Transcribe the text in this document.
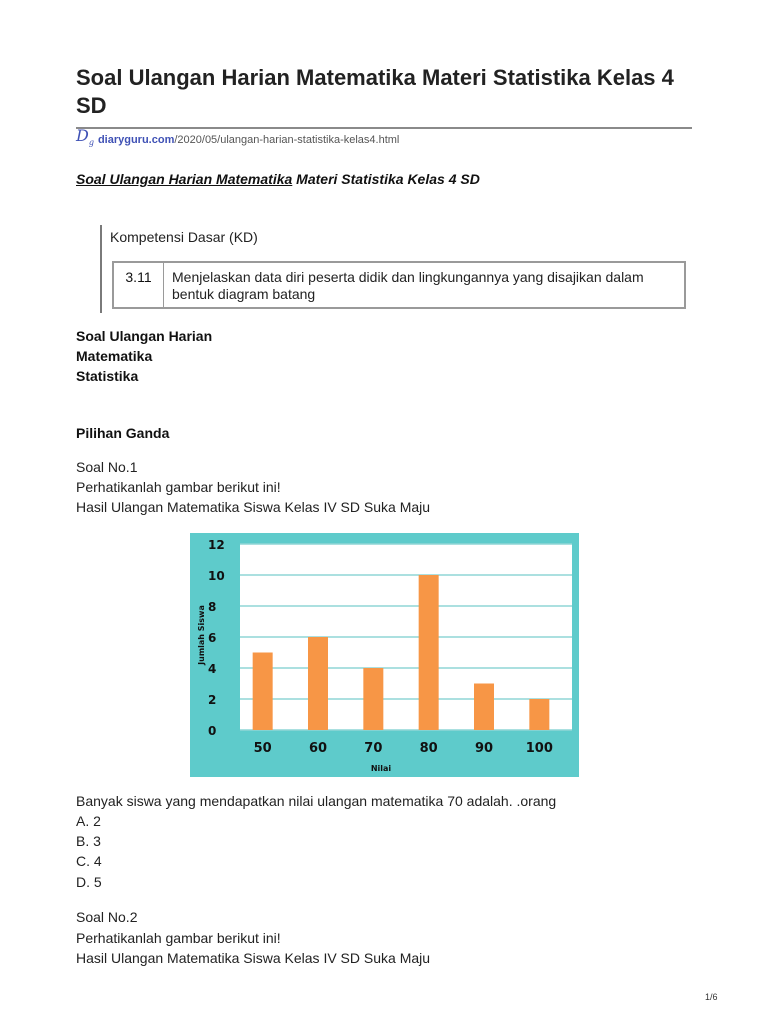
Soal Ulangan Harian Matematika Materi Statistika Kelas 4 SD
$D_g$ diaryguru.com /2020/05/ulangan-harian-statistika-kelas4.html
Soal Ulangan Harian Matematika Materi Statistika Kelas 4 SD
Kompetensi Dasar (KD)
3.11	Menjelaskan data diri peserta didik dan lingkungannya yang disajikan dalam bentuk diagram batang
Soal Ulangan Harian
Matematika
Statistika
Pilihan Ganda
Soal No.1
Perhatikanlah gambar berikut ini!
Hasil Ulangan Matematika Siswa Kelas IV SD Suka Maju
0
2
4
6
8
10
12
50	60	70	80	90	100
Nilai
Jumlah Siswa
diaryguru.com
Banyak siswa yang mendapatkan nilai ulangan matematika 70 adalah. .orang
A. 2
B. 3
C. 4
D. 5
Soal No.2
Perhatikanlah gambar berikut ini!
Hasil Ulangan Matematika Siswa Kelas IV SD Suka Maju
1/6
